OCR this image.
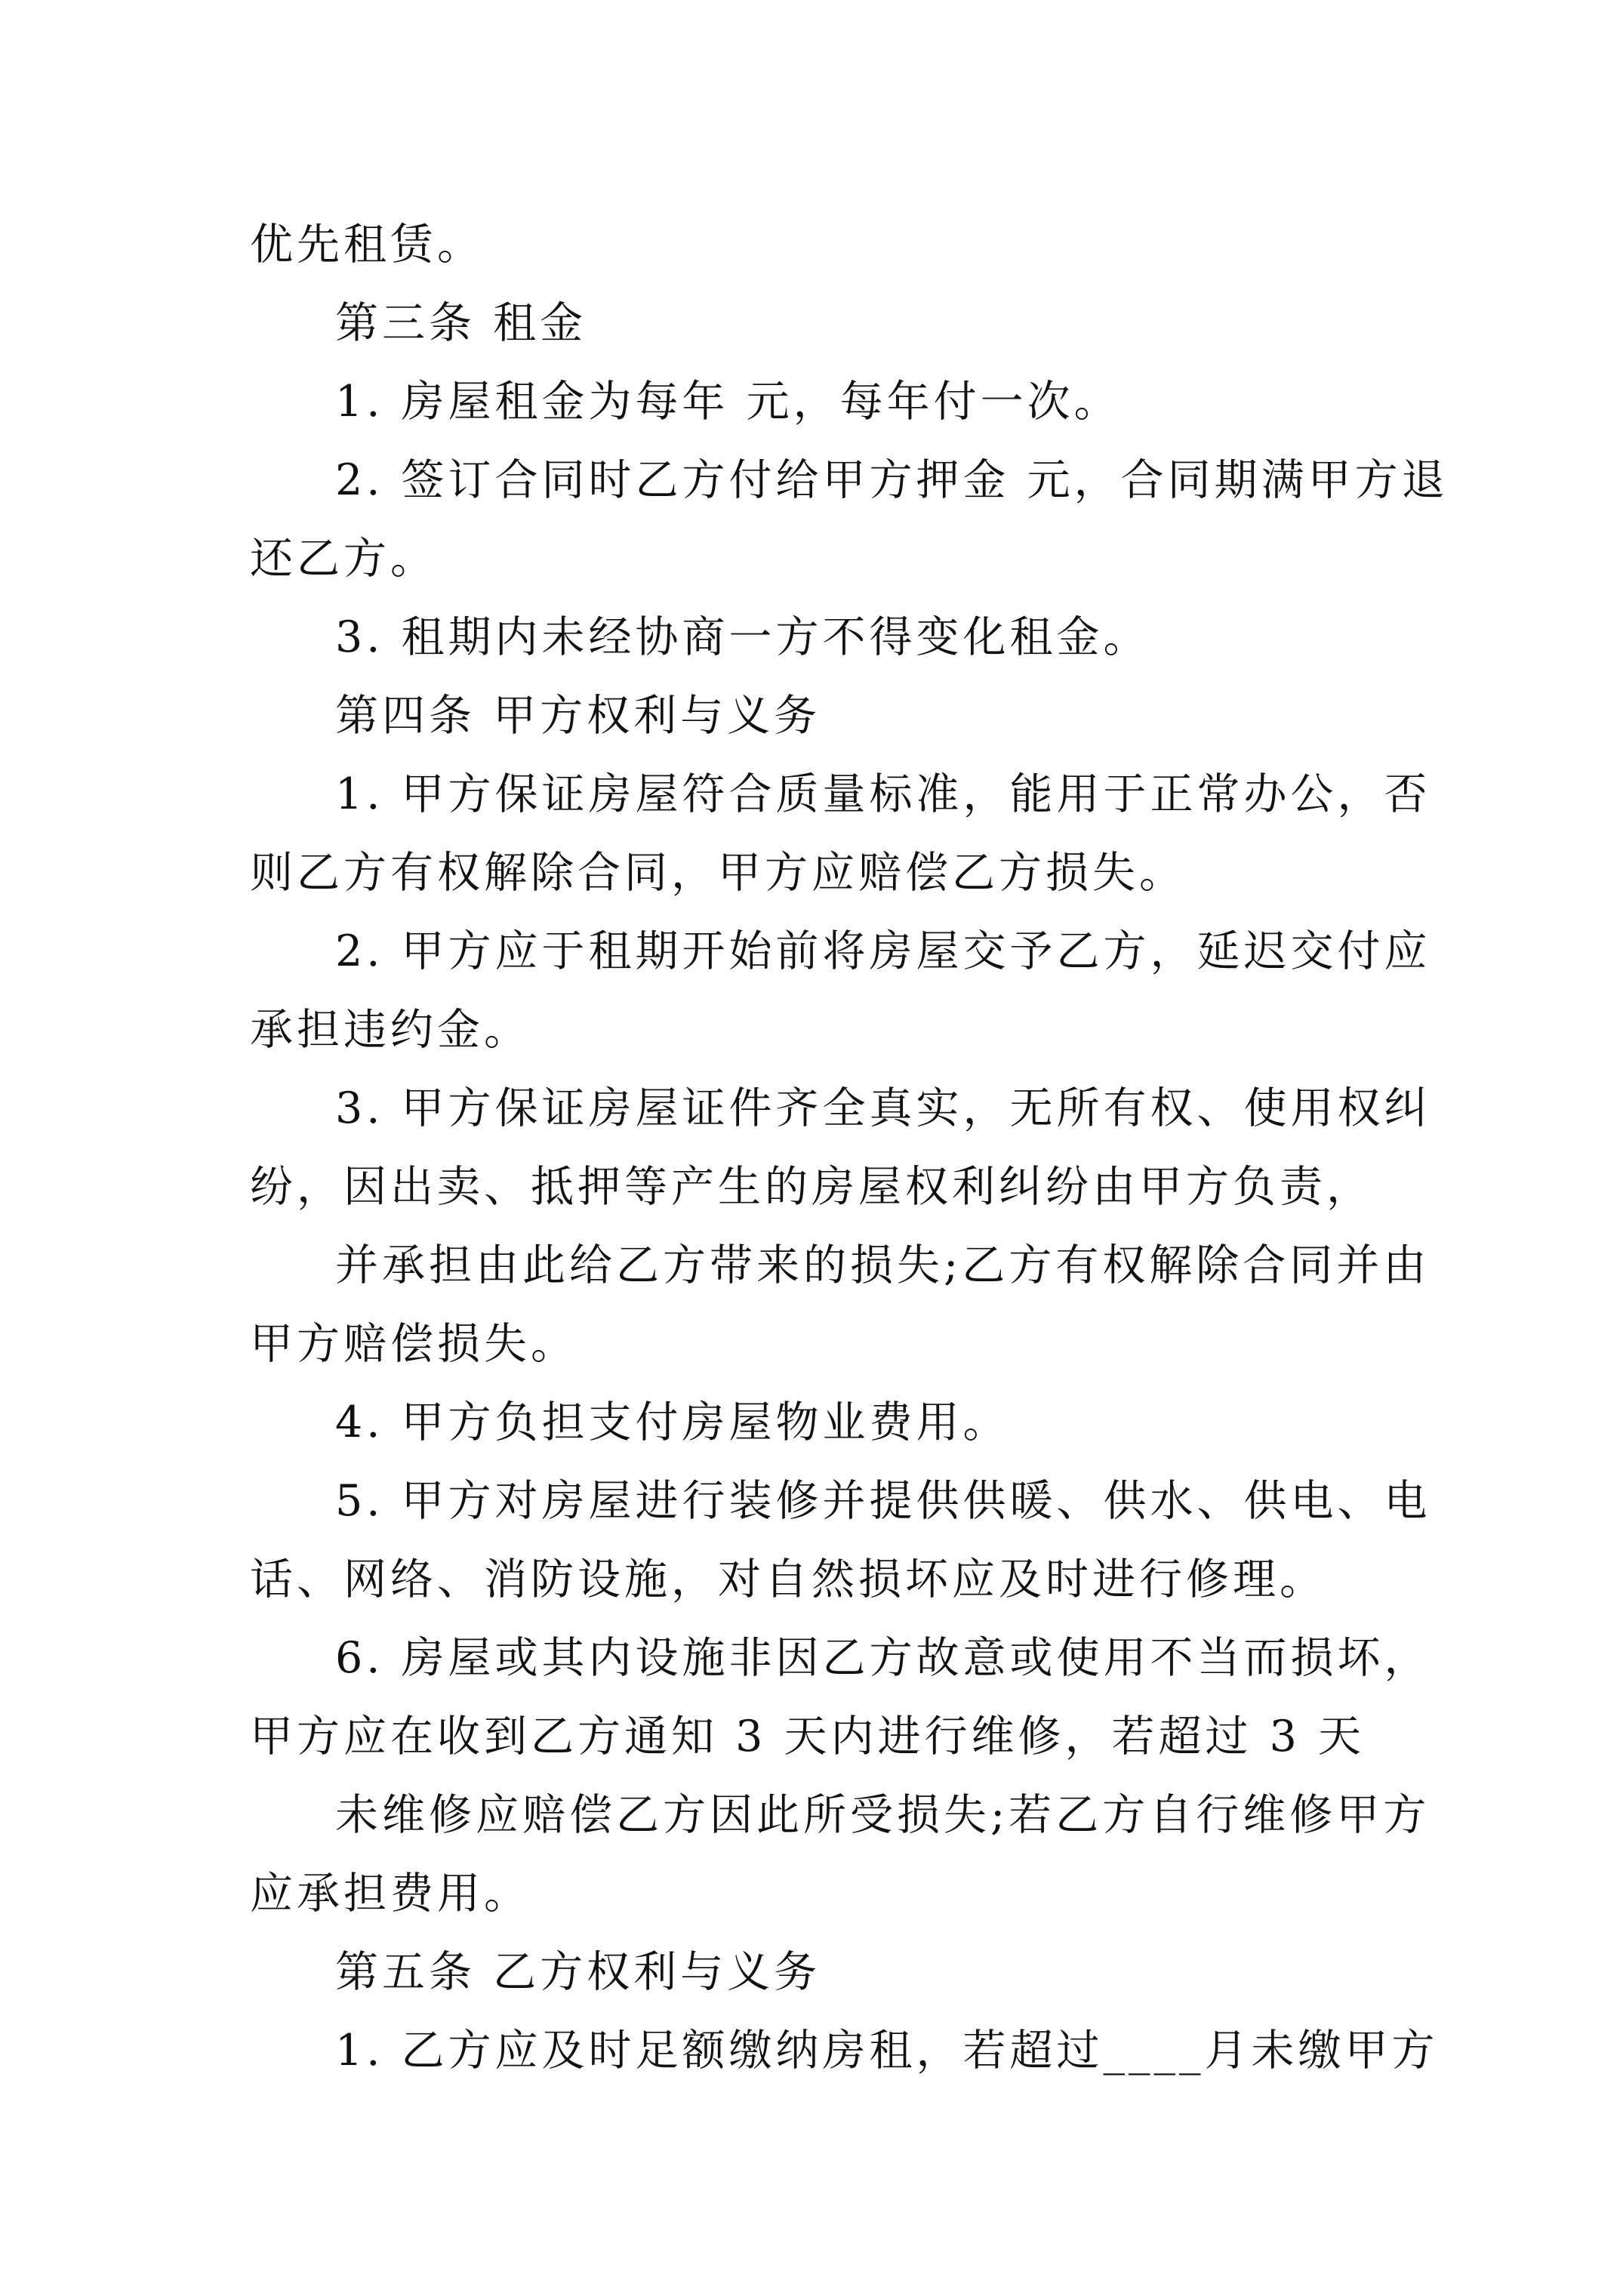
优先租赁。
第三条 租金
1. 房屋租金为每年 元，每年付一次。
2. 签订合同时乙方付给甲方押金 元，合同期满甲方退
还乙方。
3. 租期内未经协商一方不得变化租金。
第四条 甲方权利与义务
1. 甲方保证房屋符合质量标准，能用于正常办公，否
则乙方有权解除合同，甲方应赔偿乙方损失。
2. 甲方应于租期开始前将房屋交予乙方，延迟交付应
承担违约金。
3. 甲方保证房屋证件齐全真实，无所有权、使用权纠
纷，因出卖、抵押等产生的房屋权利纠纷由甲方负责，
并承担由此给乙方带来的损失;乙方有权解除合同并由
甲方赔偿损失。
4. 甲方负担支付房屋物业费用。
5. 甲方对房屋进行装修并提供供暖、供水、供电、电
话、网络、消防设施，对自然损坏应及时进行修理。
6. 房屋或其内设施非因乙方故意或使用不当而损坏，
甲方应在收到乙方通知 3 天内进行维修，若超过 3 天
未维修应赔偿乙方因此所受损失;若乙方自行维修甲方
应承担费用。
第五条 乙方权利与义务
1. 乙方应及时足额缴纳房租，若超过____月未缴甲方
